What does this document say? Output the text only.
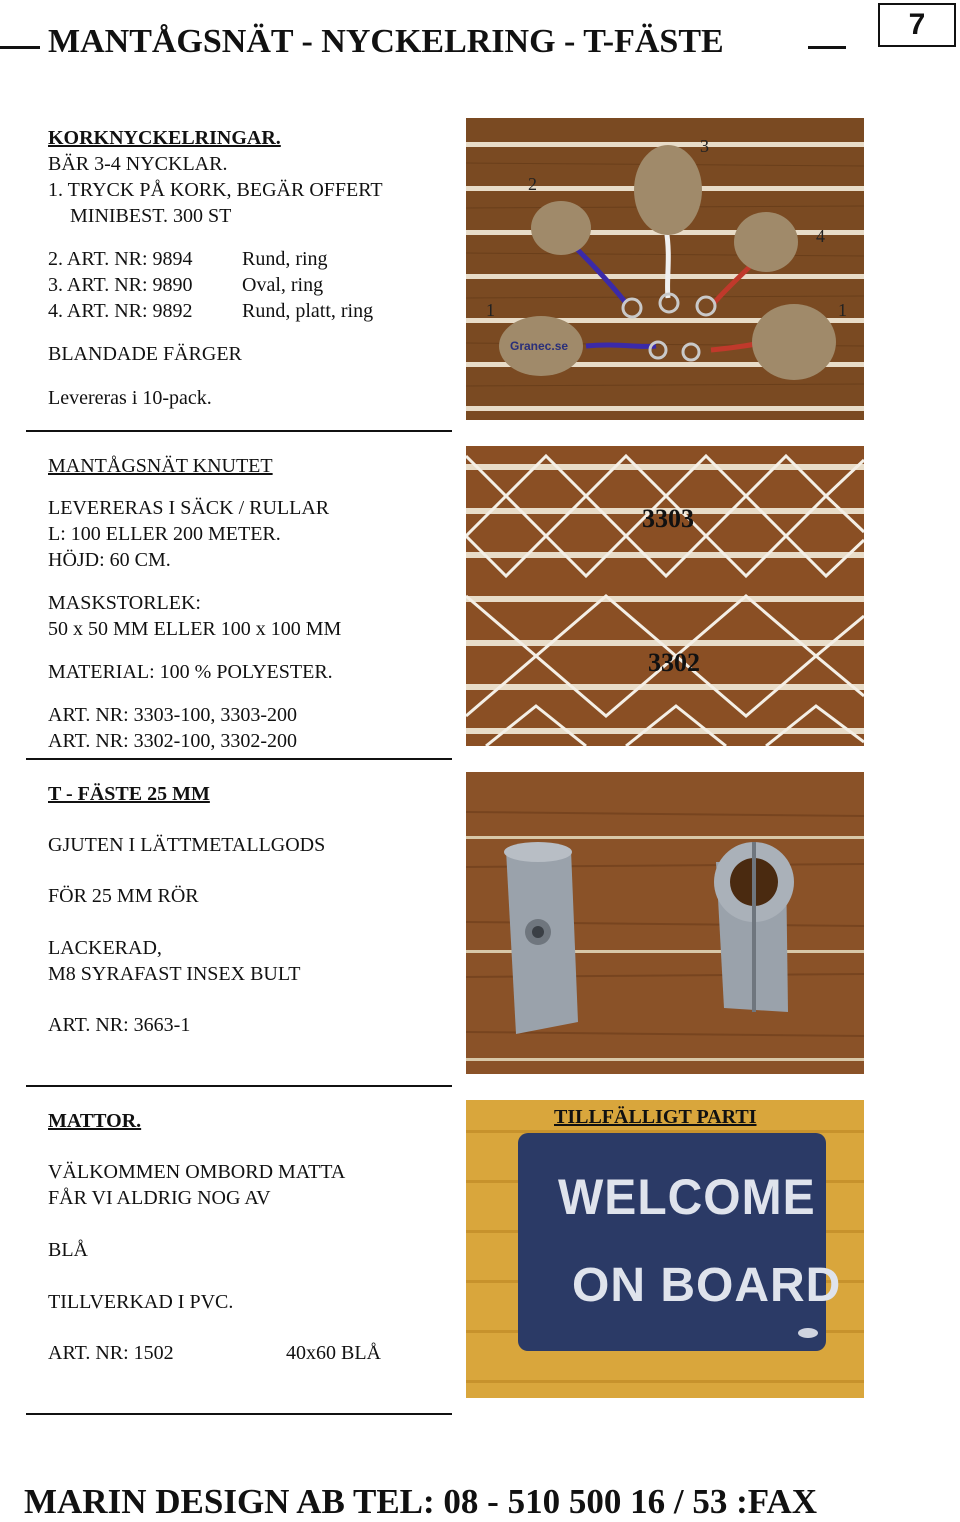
MANTÅGSNÄT - NYCKELRING - T-FÄSTE	7
KORKNYCKELRINGAR.
BÄR 3-4 NYCKLAR.
1. TRYCK PÅ KORK, BEGÄR OFFERT
MINIBEST. 300 ST
2. ART. NR: 9894 Rund, ring
3. ART. NR: 9890 Oval, ring
4. ART. NR: 9892 Rund, platt, ring
BLANDADE FÄRGER
Levereras i 10-pack.
2
3
4
1	1
Granec.se
MANTÅGSNÄT KNUTET
LEVERERAS I SÄCK / RULLAR
L: 100 ELLER 200 METER.
HÖJD: 60 CM.
MASKSTORLEK:
50 x 50 MM ELLER 100 x 100 MM
MATERIAL: 100 % POLYESTER.
ART. NR: 3303-100, 3303-200
ART. NR: 3302-100, 3302-200
3303
3302
T - FÄSTE 25 MM
GJUTEN I LÄTTMETALLGODS
FÖR 25 MM RÖR
LACKERAD,
M8 SYRAFAST INSEX BULT
ART. NR: 3663-1
MATTOR.
VÄLKOMMEN OMBORD MATTA
FÅR VI ALDRIG NOG AV
BLÅ
TILLVERKAD I PVC.
ART. NR: 1502	40x60 BLÅ
TILLFÄLLIGT PARTI
WELCOME
ON BOARD
MARIN DESIGN AB TEL: 08 - 510 500 16 / 53 :FAX
